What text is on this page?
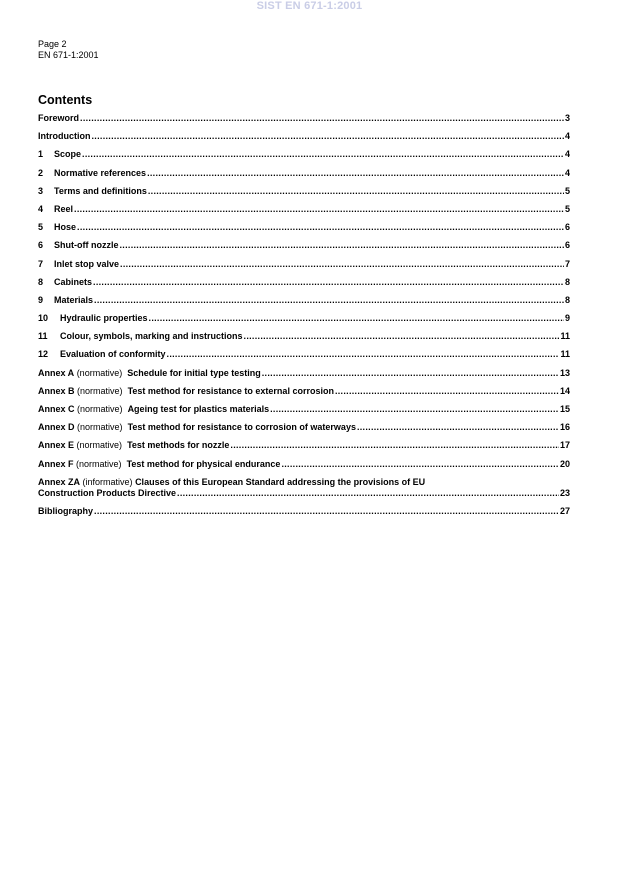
SIST EN 671-1:2001
Page 2
EN 671-1:2001
Contents
Foreword .....	3
Introduction .....	4
1 Scope .....	4
2 Normative references .....	4
3 Terms and definitions .....	5
4 Reel .....	5
5 Hose .....	6
6 Shut-off nozzle .....	6
7 Inlet stop valve .....	7
8 Cabinets .....	8
9 Materials .....	8
10 Hydraulic properties .....	9
11 Colour, symbols, marking and instructions .....	11
12 Evaluation of conformity .....	11
Annex A (normative) Schedule for initial type testing .....	13
Annex B (normative) Test method for resistance to external corrosion .....	14
Annex C (normative)  Ageing test for plastics materials .....	15
Annex D (normative) Test method for resistance to corrosion of waterways .....	16
Annex E (normative) Test methods for nozzle .....	17
Annex F (normative) Test method for physical endurance .....	20
Annex ZA (informative) Clauses of this European Standard addressing the provisions of EU
Construction Products Directive .....	23
Bibliography .....	27
